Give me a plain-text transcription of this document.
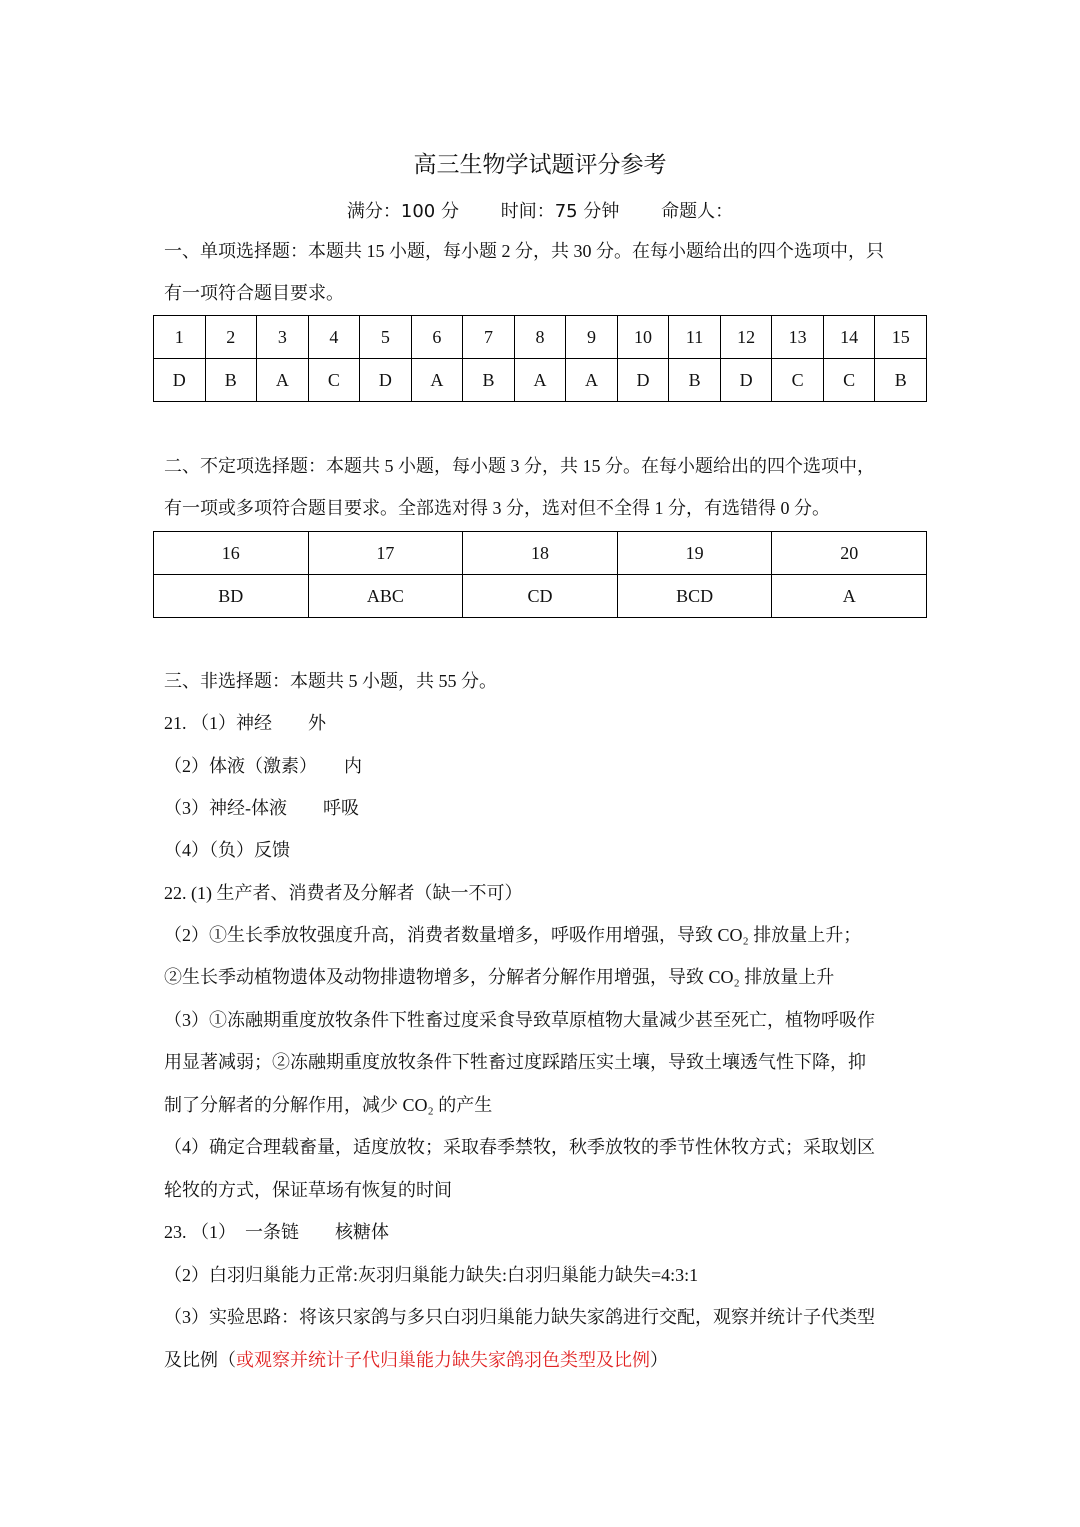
高三生物学试题评分参考
满分：100 分 时间：75 分钟 命题人：
一、单项选择题：本题共 15 小题，每小题 2 分，共 30 分。在每小题给出的四个选项中，只
有一项符合题目要求。
1	2	3	4	5	6	7	8	9	10	11	12	13	14	15
D	B	A	C	D	A	B	A	A	D	B	D	C	C	B
二、不定项选择题：本题共 5 小题，每小题 3 分，共 15 分。在每小题给出的四个选项中，
有一项或多项符合题目要求。全部选对得 3 分，选对但不全得 1 分，有选错得 0 分。
16	17	18	19	20
BD	ABC	CD	BCD	A
三、非选择题：本题共 5 小题，共 55 分。
21. （1）神经　　外
（2）体液（激素）　　内
（3）神经-体液　　呼吸
（4）（负）反馈
22. (1) 生产者、消费者及分解者（缺一不可）
（2）①生长季放牧强度升高，消费者数量增多，呼吸作用增强，导致 CO₂ 排放量上升；
②生长季动植物遗体及动物排遗物增多，分解者分解作用增强，导致 CO₂ 排放量上升
（3）①冻融期重度放牧条件下牲畜过度采食导致草原植物大量减少甚至死亡，植物呼吸作
用显著减弱；②冻融期重度放牧条件下牲畜过度踩踏压实土壤，导致土壤透气性下降，抑
制了分解者的分解作用，减少 CO₂ 的产生
（4）确定合理载畜量，适度放牧；采取春季禁牧，秋季放牧的季节性休牧方式；采取划区
轮牧的方式，保证草场有恢复的时间
23. （1）　一条链　　核糖体
（2）白羽归巢能力正常:灰羽归巢能力缺失:白羽归巢能力缺失=4:3:1
（3）实验思路：将该只家鸽与多只白羽归巢能力缺失家鸽进行交配，观察并统计子代类型
及比例（或观察并统计子代归巢能力缺失家鸽羽色类型及比例）
